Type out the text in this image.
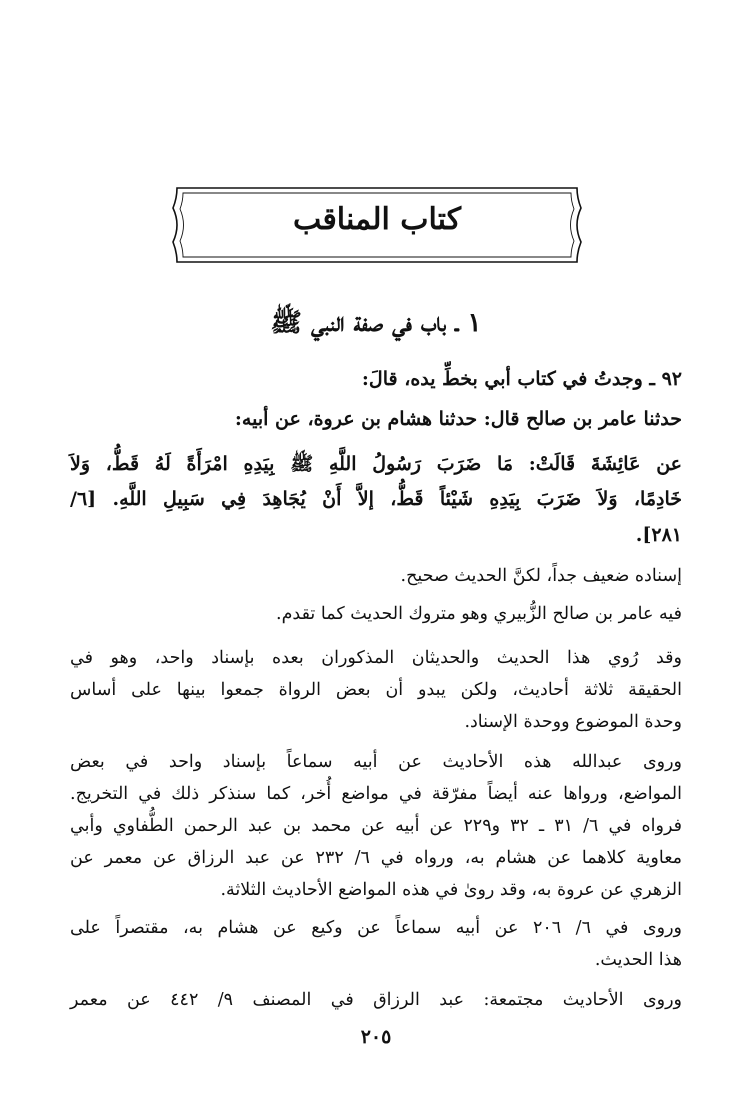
كتاب المناقب
١ ـ باب في صفة النبي ﷺ
٩٢ ـ وجدتُ في كتاب أبي بخطِّ يده، قالَ:
حدثنا عامر بن صالح قال: حدثنا هشام بن عروة، عن أبيه:
عن عَائِشَةَ قَالَتْ: مَا ضَرَبَ رَسُولُ اللَّهِ ﷺ بِيَدِهِ امْرَأَةً لَهُ قَطُّ، وَلاَ
خَادِمًا، وَلاَ ضَرَبَ بِيَدِهِ شَيْئاً قَطُّ، إلاَّ أَنْ يُجَاهِدَ فِي سَبِيلِ اللَّهِ. [٦/
٢٨١].
إسناده ضعيف جداً، لكنَّ الحديث صحيح.
فيه عامر بن صالح الزُّبيري وهو متروك الحديث كما تقدم.
وقد رُوي هذا الحديث والحديثان المذكوران بعده بإسناد واحد، وهو في
الحقيقة ثلاثة أحاديث، ولكن يبدو أن بعض الرواة جمعوا بينها على أساس
وحدة الموضوع ووحدة الإسناد.
وروى عبدالله هذه الأحاديث عن أبيه سماعاً بإسناد واحد في بعض
المواضع، ورواها عنه أيضاً مفرّقة في مواضع أُخر، كما سنذكر ذلك في التخريج.
فرواه في ٦/ ٣١ ـ ٣٢ و٢٢٩ عن أبيه عن محمد بن عبد الرحمن الطُّفاوي وأبي
معاوية كلاهما عن هشام به، ورواه في ٦/ ٢٣٢ عن عبد الرزاق عن معمر عن
الزهري عن عروة به، وقد روىٰ في هذه المواضع الأحاديث الثلاثة.
وروى في ٦/ ٢٠٦ عن أبيه سماعاً عن وكيع عن هشام به، مقتصراً على
هذا الحديث.
وروى الأحاديث مجتمعة: عبد الرزاق في المصنف ٩/ ٤٤٢ عن معمر
٢٠٥
